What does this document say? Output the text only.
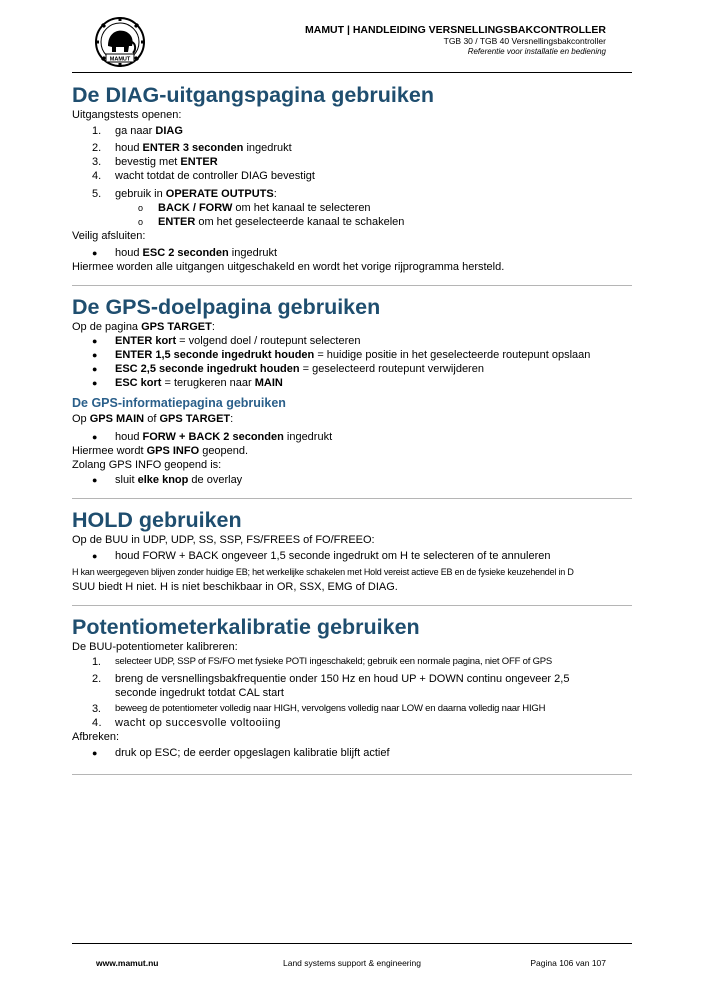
MAMUT
MAMUT | HANDLEIDING VERSNELLINGSBAKCONTROLLER
TGB 30 / TGB 40 Versnellingsbakcontroller
Referentie voor installatie en bediening
De DIAG-uitgangspagina gebruiken

Uitgangstests openen:

1.	ga naar DIAG
2.	houd ENTER 3 seconden ingedrukt
3.	bevestig met ENTER
4.	wacht totdat de controller DIAG bevestigt
5.	gebruik in OPERATE OUTPUTS:
o BACK / FORW om het kanaal te selecteren
o ENTER om het geselecteerde kanaal te schakelen

Veilig afsluiten:

● houd ESC 2 seconden ingedrukt

Hiermee worden alle uitgangen uitgeschakeld en wordt het vorige rijprogramma hersteld.

De GPS-doelpagina gebruiken

Op de pagina GPS TARGET:

● ENTER kort = volgend doel / routepunt selecteren
● ENTER 1,5 seconde ingedrukt houden = huidige positie in het geselecteerde routepunt opslaan
● ESC 2,5 seconde ingedrukt houden = geselecteerd routepunt verwijderen
● ESC kort = terugkeren naar MAIN
De GPS-informatiepagina gebruiken

Op GPS MAIN of GPS TARGET:

● houd FORW + BACK 2 seconden ingedrukt

Hiermee wordt GPS INFO geopend.

Zolang GPS INFO geopend is:

● sluit elke knop de overlay
HOLD gebruiken

Op de BUU in UDP, UDP, SS, SSP, FS/FREES of FO/FREEO:

● houd FORW + BACK ongeveer 1,5 seconde ingedrukt om H te selecteren of te annuleren

H kan weergegeven blijven zonder huidige EB; het werkelijke schakelen met Hold vereist actieve EB en de fysieke keuzehendel in D

SUU biedt H niet. H is niet beschikbaar in OR, SSX, EMG of DIAG.

Potentiometerkalibratie gebruiken

De BUU-potentiometer kalibreren:

1.	selecteer UDP, SSP of FS/FO met fysieke POTI ingeschakeld; gebruik een normale pagina, niet OFF of GPS
2.	breng de versnellingsbakfrequentie onder 150 Hz en houd UP + DOWN continu ongeveer 2,5 seconde ingedrukt totdat CAL start
3.	beweeg de potentiometer volledig naar HIGH, vervolgens volledig naar LOW en daarna volledig naar HIGH
4.	wacht op succesvolle voltooiing

Afbreken:

● druk op ESC; de eerder opgeslagen kalibratie blijft actief
www.mamut.nu	Land systems support & engineering	Pagina 106 van 107
